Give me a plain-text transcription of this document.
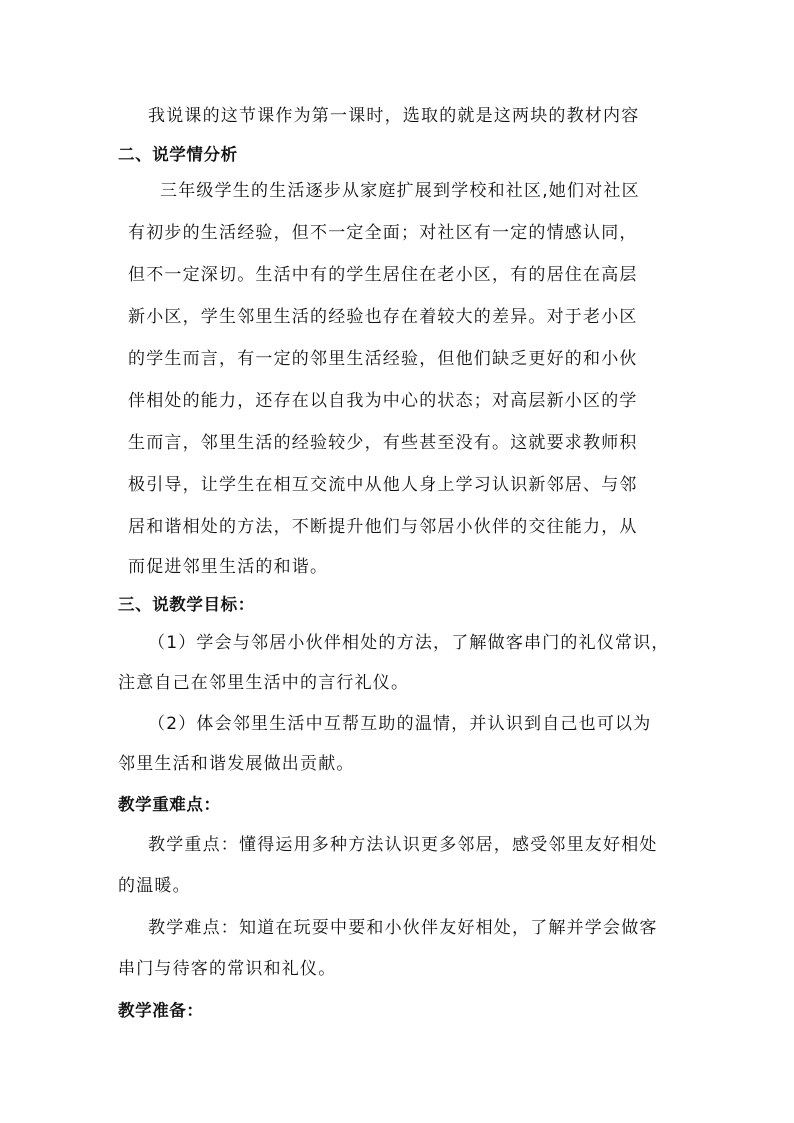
我说课的这节课作为第一课时，选取的就是这两块的教材内容
二、说学情分析
三年级学生的生活逐步从家庭扩展到学校和社区,她们对社区
有初步的生活经验，但不一定全面；对社区有一定的情感认同，
但不一定深切。生活中有的学生居住在老小区，有的居住在高层
新小区，学生邻里生活的经验也存在着较大的差异。对于老小区
的学生而言，有一定的邻里生活经验，但他们缺乏更好的和小伙
伴相处的能力，还存在以自我为中心的状态；对高层新小区的学
生而言，邻里生活的经验较少，有些甚至没有。这就要求教师积
极引导，让学生在相互交流中从他人身上学习认识新邻居、与邻
居和谐相处的方法，不断提升他们与邻居小伙伴的交往能力，从
而促进邻里生活的和谐。
三、说教学目标：
（1）学会与邻居小伙伴相处的方法，了解做客串门的礼仪常识，
注意自己在邻里生活中的言行礼仪。
（2）体会邻里生活中互帮互助的温情，并认识到自己也可以为
邻里生活和谐发展做出贡献。
教学重难点：
教学重点：懂得运用多种方法认识更多邻居，感受邻里友好相处
的温暖。
教学难点：知道在玩耍中要和小伙伴友好相处，了解并学会做客
串门与待客的常识和礼仪。
教学准备：
